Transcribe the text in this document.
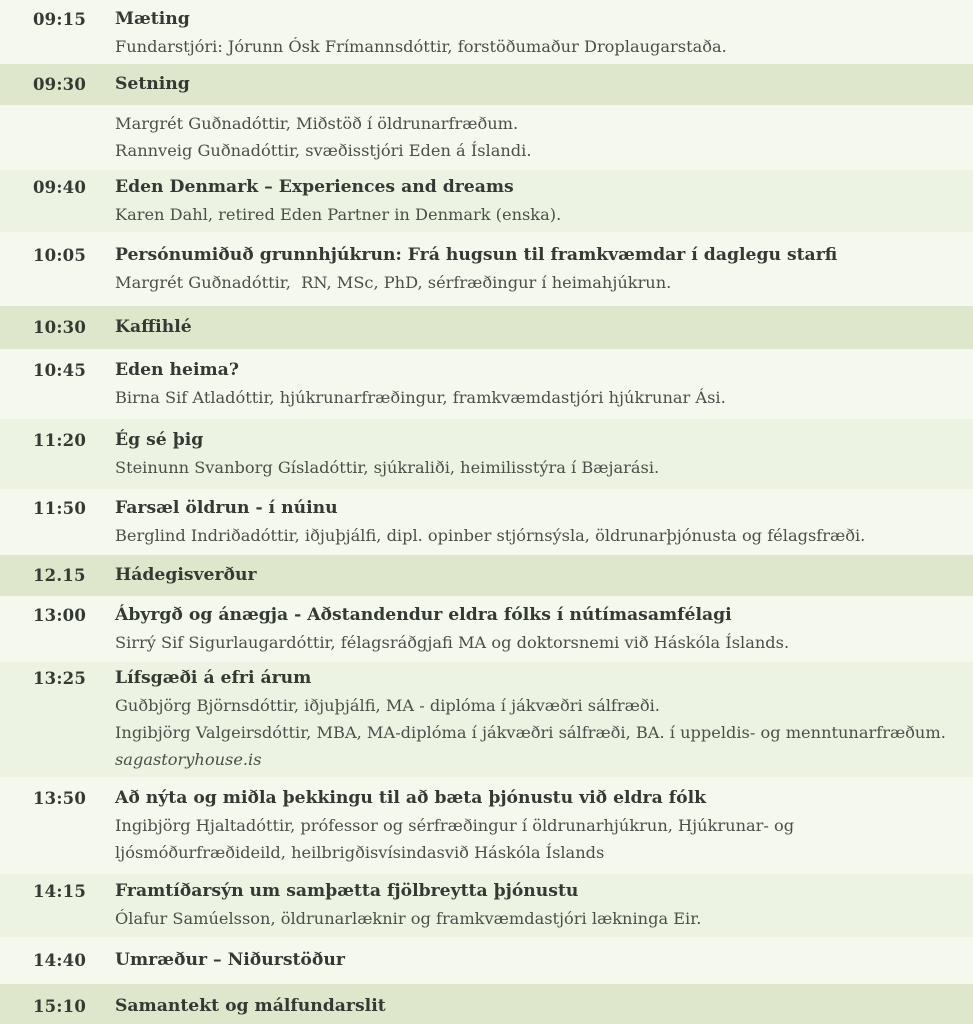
09:15	Mæting
Fundarstjóri: Jórunn Ósk Frímannsdóttir, forstöðumaður Droplaugarstaða.
09:30	Setning
Margrét Guðnadóttir, Miðstöð í öldrunarfræðum.
Rannveig Guðnadóttir, svæðisstjóri Eden á Íslandi.
09:40	Eden Denmark – Experiences and dreams
Karen Dahl, retired Eden Partner in Denmark (enska).
10:05	Persónumiðuð grunnhjúkrun: Frá hugsun til framkvæmdar í daglegu starfi
Margrét Guðnadóttir,  RN, MSc, PhD, sérfræðingur í heimahjúkrun.
10:30	Kaffihlé
10:45	Eden heima?
Birna Sif Atladóttir, hjúkrunarfræðingur, framkvæmdastjóri hjúkrunar Ási.
11:20	Ég sé þig
Steinunn Svanborg Gísladóttir, sjúkraliði, heimilisstýra í Bæjarási.
11:50	Farsæl öldrun - í núinu
Berglind Indriðadóttir, iðjuþjálfi, dipl. opinber stjórnsýsla, öldrunarþjónusta og félagsfræði.
12.15	Hádegisverður
13:00	Ábyrgð og ánægja - Aðstandendur eldra fólks í nútímasamfélagi
Sirrý Sif Sigurlaugardóttir, félagsráðgjafi MA og doktorsnemi við Háskóla Íslands.
13:25	Lífsgæði á efri árum
Guðbjörg Björnsdóttir, iðjuþjálfi, MA - diplóma í jákvæðri sálfræði.
Ingibjörg Valgeirsdóttir, MBA, MA-diplóma í jákvæðri sálfræði, BA. í uppeldis- og menntunarfræðum.
sagastoryhouse.is
13:50	Að nýta og miðla þekkingu til að bæta þjónustu við eldra fólk
Ingibjörg Hjaltadóttir, prófessor og sérfræðingur í öldrunarhjúkrun, Hjúkrunar- og
ljósmóðurfræðideild, heilbrigðisvísindasvið Háskóla Íslands
14:15	Framtíðarsýn um samþætta fjölbreytta þjónustu
Ólafur Samúelsson, öldrunarlæknir og framkvæmdastjóri lækninga Eir.
14:40	Umræður – Niðurstöður
15:10	Samantekt og málfundarslit
